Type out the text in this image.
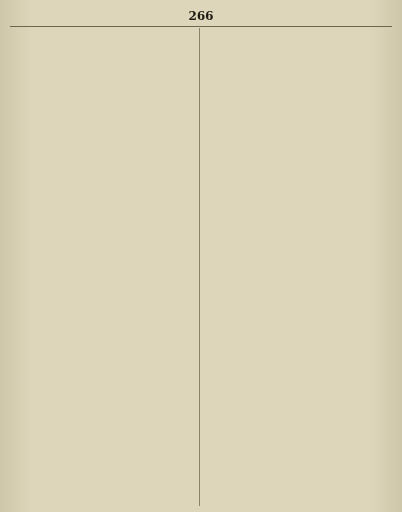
266
